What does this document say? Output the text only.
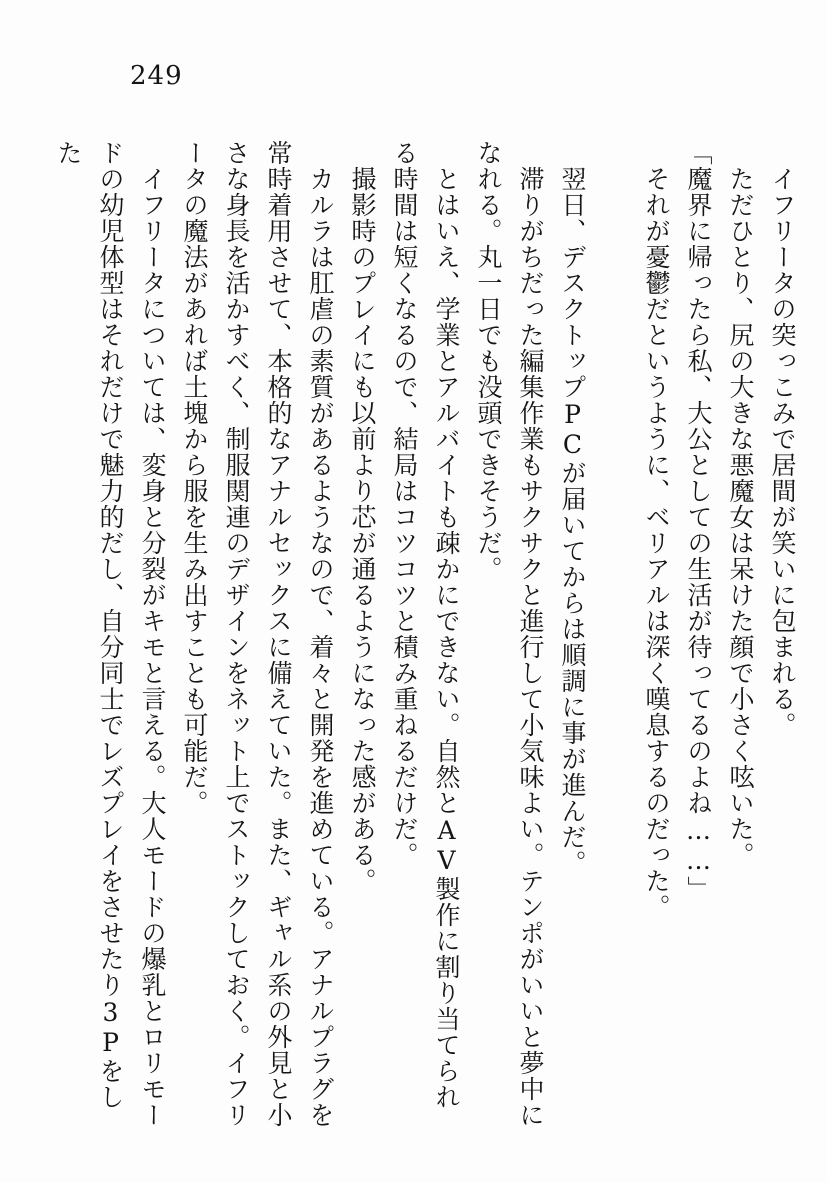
249

イフリータの突っこみで居間が笑いに包まれる。

ただひとり、尻の大きな悪魔女は呆けた顔で小さく呟いた。

「魔界に帰ったら私、大公としての生活が待ってるのよね……」

それが憂鬱だというように、ベリアルは深く嘆息するのだった。

翌日、デスクトップPCが届いてからは順調に事が進んだ。

滞りがちだった編集作業もサクサクと進行して小気味よい。テンポがいいと夢中になれる。丸一日でも没頭できそうだ。

とはいえ、学業とアルバイトも疎かにできない。自然とAV製作に割り当てられる時間は短くなるので、結局はコツコツと積み重ねるだけだ。

撮影時のプレイにも以前より芯が通るようになった感がある。

カルラは肛虐の素質があるようなので、着々と開発を進めている。アナルプラグを常時着用させて、本格的なアナルセックスに備えていた。また、ギャル系の外見と小さな身長を活かすべく、制服関連のデザインをネット上でストックしておく。イフリータの魔法があれば土塊から服を生み出すことも可能だ。

イフリータについては、変身と分裂がキモと言える。大人モードの爆乳とロリモードの幼児体型はそれだけで魅力的だし、自分同士でレズプレイをさせたり3Pをした
